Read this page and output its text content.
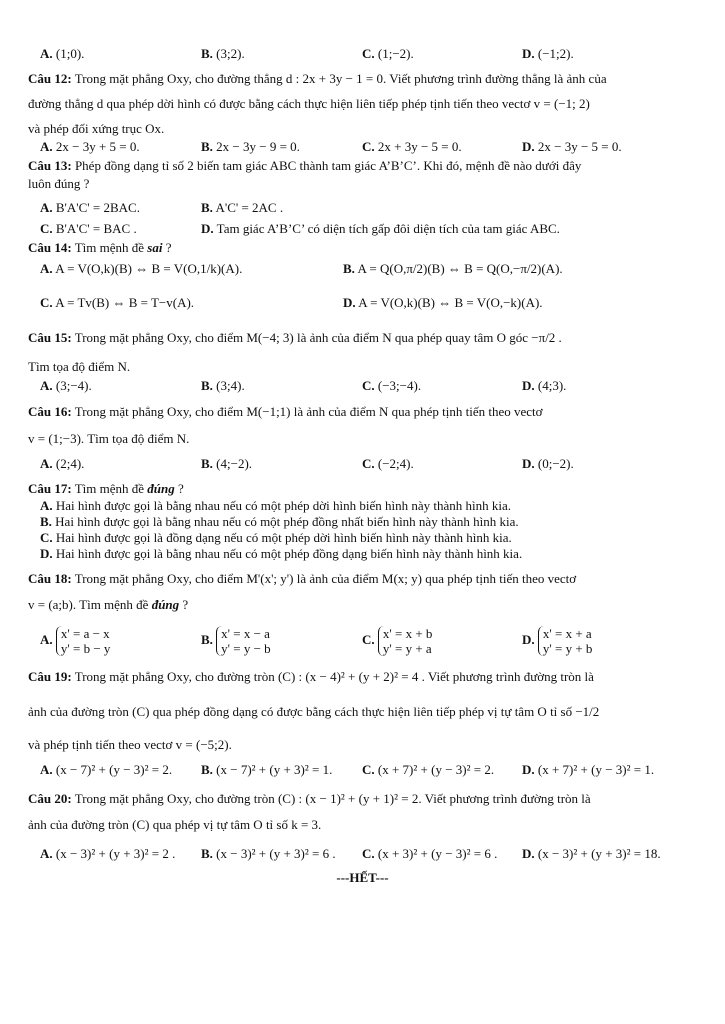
A. (1;0).	B. (3;2).	C. (1;−2).	D. (−1;2).
Câu 12: Trong mặt phẳng Oxy, cho đường thẳng d : 2x + 3y − 1 = 0. Viết phương trình đường thẳng là ảnh của
đường thẳng d qua phép dời hình có được bằng cách thực hiện liên tiếp phép tịnh tiến theo vectơ v = (−1; 2)
và phép đối xứng trục Ox.
A. 2x − 3y + 5 = 0.	B. 2x − 3y − 9 = 0.	C. 2x + 3y − 5 = 0.	D. 2x − 3y − 5 = 0.
Câu 13: Phép đồng dạng tỉ số 2 biến tam giác ABC thành tam giác A’B’C’. Khi đó, mệnh đề nào dưới đây
luôn đúng ?
A. B'A'C' = 2BAC.	B. A'C' = 2AC .
C. B'A'C' = BAC .	D. Tam giác A’B’C’ có diện tích gấp đôi diện tích của tam giác ABC.
Câu 14: Tìm mệnh đề sai ?
A. A = V(O,k)(B) ⇔ B = V(O,1/k)(A).	B. A = Q(O,π/2)(B) ⇔ B = Q(O,−π/2)(A).
C. A = Tv(B) ⇔ B = T−v(A).	D. A = V(O,k)(B) ⇔ B = V(O,−k)(A).
Câu 15: Trong mặt phẳng Oxy, cho điểm M(−4; 3) là ảnh của điểm N qua phép quay tâm O góc −π/2 .
Tìm tọa độ điểm N.
A. (3;−4).	B. (3;4).	C. (−3;−4).	D. (4;3).
Câu 16: Trong mặt phẳng Oxy, cho điểm M(−1;1) là ảnh của điểm N qua phép tịnh tiến theo vectơ
v = (1;−3). Tìm tọa độ điểm N.
A. (2;4).	B. (4;−2).	C. (−2;4).	D. (0;−2).
Câu 17: Tìm mệnh đề đúng ?
A. Hai hình được gọi là bằng nhau nếu có một phép dời hình biến hình này thành hình kia.
B. Hai hình được gọi là bằng nhau nếu có một phép đồng nhất biến hình này thành hình kia.
C. Hai hình được gọi là đồng dạng nếu có một phép dời hình biến hình này thành hình kia.
D. Hai hình được gọi là bằng nhau nếu có một phép đồng dạng biến hình này thành hình kia.
Câu 18: Trong mặt phẳng Oxy, cho điểm M'(x'; y') là ảnh của điểm M(x; y) qua phép tịnh tiến theo vectơ
v = (a;b). Tìm mệnh đề đúng ?
A. x' = a − x
y' = b − y
B. x' = x − a
y' = y − b
C. x' = x + b
y' = y + a
D. x' = x + a
y' = y + b
Câu 19: Trong mặt phẳng Oxy, cho đường tròn (C) : (x − 4)² + (y + 2)² = 4 . Viết phương trình đường tròn là
ảnh của đường tròn (C) qua phép đồng dạng có được bằng cách thực hiện liên tiếp phép vị tự tâm O tỉ số −1/2
và phép tịnh tiến theo vectơ v = (−5;2).
A. (x − 7)² + (y − 3)² = 2. B. (x − 7)² + (y + 3)² = 1. C. (x + 7)² + (y − 3)² = 2. D. (x + 7)² + (y − 3)² = 1.
Câu 20: Trong mặt phẳng Oxy, cho đường tròn (C) : (x − 1)² + (y + 1)² = 2. Viết phương trình đường tròn là
ảnh của đường tròn (C) qua phép vị tự tâm O tỉ số k = 3.
A. (x − 3)² + (y + 3)² = 2 . B. (x − 3)² + (y + 3)² = 6 . C. (x + 3)² + (y − 3)² = 6 . D. (x − 3)² + (y + 3)² = 18.
---HẾT---
